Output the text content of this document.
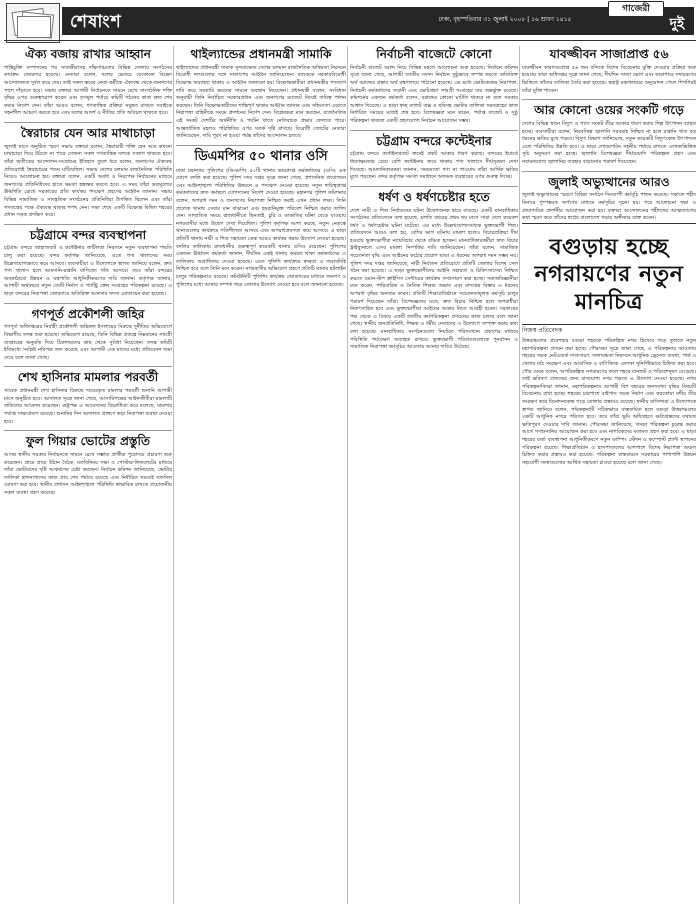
শেষাংশ	ঢাকা, বৃহস্পতিবার ৩১ জুলাই ২০০৮ | ১৬ শ্রাবণ ১৪১৫
গাজেরী
দুই
ঐক্য বজায় রাখার আহ্বান
শান্তিচুক্তি সম্পাদনের পর সাতক্ষীরাসহ দক্ষিণাঞ্চলের বিভিন্ন জেলায় সংগঠনের কার্যক্রম জোরদার হয়েছে। নেতারা বলেন, দলের ভেতরে যেকোনো বিভেদ আন্দোলনকে দুর্বল করে দেয়। তাই সকল স্তরের নেতা-কর্মীকে ঐক্যবদ্ধ থেকে জনগণের পাশে দাঁড়াতে হবে। সভায় বক্তারা আগামী নির্বাচনকে সামনে রেখে সাংগঠনিক শক্তি বৃদ্ধির ওপর গুরুত্বারোপ করেন এবং তৃণমূল পর্যায়ে কমিটি গঠনের কাজ দ্রুত শেষ করার নির্দেশ দেন। তাঁরা আরও বলেন, গণতান্ত্রিক প্রক্রিয়া সমুন্নত রাখতে সবাইকে সহনশীল আচরণ করতে হবে এবং দলের আদর্শ ও নীতির প্রতি অবিচল থাকতে হবে।
স্বৈরাচার যেন আর মাথাচাড়া
জুলাই মাসে অনুষ্ঠিত স্মরণ সভায় বক্তারা বলেন, স্বৈরাচারী শক্তি যেন আর কখনো মাথাচাড়া দিয়ে উঠতে না পারে সেজন্য সকল গণতান্ত্রিক দলকে সজাগ থাকতে হবে। তাঁরা অতীতের আন্দোলন-সংগ্রামের ইতিহাস তুলে ধরে বলেন, জনগণের ঐক্যবদ্ধ প্রতিরোধই স্বৈরাচারের পতন ঘটিয়েছিল। সভায় দেশের চলমান রাজনৈতিক পরিস্থিতি নিয়েও আলোচনা হয়। বক্তারা বলেন, একটি অবাধ ও নিরপেক্ষ নির্বাচনের মাধ্যমে জনগণের প্রতিনিধিদের হাতে ক্ষমতা হস্তান্তর করতে হবে। এ সময় তাঁরা দ্রব্যমূল্যের ঊর্ধ্বগতি রোধে সরকারের প্রতি কার্যকর পদক্ষেপ গ্রহণের আহ্বান জানান। সভায় বিভিন্ন সামাজিক ও সাংস্কৃতিক সংগঠনের প্রতিনিধিরা উপস্থিত ছিলেন এবং তাঁরা গণতন্ত্রের পক্ষে ঐক্যবদ্ধ থাকার শপথ নেন। সভা শেষে একটি বিক্ষোভ মিছিল শহরের প্রধান সড়ক প্রদক্ষিণ করে।
চট্টগ্রামে বন্দর ব্যবস্থাপনা
চট্টগ্রাম বন্দরে জাহাজজট ও কন্টেইনার জটিলতা নিরসনে নতুন ব্যবস্থাপনা পদ্ধতি চালু করা হয়েছে। বন্দর কর্তৃপক্ষ জানিয়েছে, এতে পণ্য খালাসের সময় উল্লেখযোগ্যভাবে কমে আসবে। ব্যবসায়ীরা এ উদ্যোগকে স্বাগত জানিয়ে বলেন, দ্রুত পণ্য খালাস হলে আমদানি-রপ্তানি বাণিজ্যে গতি আসবে। তবে তাঁরা বন্দরের অবকাঠামো উন্নয়ন ও যন্ত্রপাতি আধুনিকীকরণের দাবি জানান। কর্তৃপক্ষ জানায়, আগামী অর্থবছরে নতুন জেটি নির্মাণ ও গ্যান্ট্রি ক্রেন সংগ্রহের পরিকল্পনা রয়েছে। এ ছাড়া বন্দরের নিরাপত্তা জোরদারে অতিরিক্ত আনসার সদস্য মোতায়েন করা হয়েছে।
গণপূর্ত প্রকৌশলী জহির
গণপূর্ত অধিদপ্তরের নির্বাহী প্রকৌশলী জহিরুল ইসলামের বিরুদ্ধে দুর্নীতির অভিযোগে বিভাগীয় তদন্ত শুরু হয়েছে। অভিযোগ রয়েছে, তিনি বিভিন্ন প্রকল্পে নিম্নমানের সামগ্রী ব্যবহারের অনুমতি দিয়ে ঠিকাদারদের কাছ থেকে সুবিধা নিয়েছেন। তদন্ত কমিটি ইতিমধ্যে সংশ্লিষ্ট নথিপত্র জব্দ করেছে এবং আগামী এক মাসের মধ্যে প্রতিবেদন জমা দেবে বলে জানা গেছে।
শেখ হাসিনার মামলার পরবর্তী
সাবেক প্রধানমন্ত্রী শেখ হাসিনার বিরুদ্ধে দায়েরকৃত মামলার পরবর্তী শুনানি আগামী মাসে অনুষ্ঠিত হবে। আদালত সূত্রে জানা গেছে, আসামিপক্ষের আইনজীবীরা মামলাটি বাতিলের আবেদন করেছেন। রাষ্ট্রপক্ষ এ আবেদনের বিরোধিতা করে বলেছে, মামলার পর্যাপ্ত সাক্ষ্যপ্রমাণ রয়েছে। শুনানির দিন আদালত প্রাঙ্গণে কড়া নিরাপত্তা ব্যবস্থা নেওয়া হবে।
ফুল গিয়ার ভোটের প্রস্তুতি
আসন্ন স্থানীয় সরকার নির্বাচনকে সামনে রেখে সম্ভাব্য প্রার্থীরা পুরোদমে প্রচারণা শুরু করেছেন। গ্রামে গ্রামে উঠান বৈঠক, মতবিনিময় সভা ও পোস্টার-লিফলেটের মাধ্যমে তাঁরা ভোটারদের দৃষ্টি আকর্ষণের চেষ্টা করছেন। নির্বাচন কমিশন জানিয়েছে, ভোটার তালিকা হালনাগাদের কাজ প্রায় শেষ পর্যায়ে রয়েছে এবং নির্ধারিত সময়েই তফসিল ঘোষণা করা হবে। স্থানীয় প্রশাসন আইনশৃঙ্খলা পরিস্থিতি স্বাভাবিক রাখতে প্রয়োজনীয় সকল ব্যবস্থা গ্রহণ করেছে।
থাইল্যান্ডের প্রধানমন্ত্রী সামাকি
থাইল্যান্ডের প্রধানমন্ত্রী সামাক সুন্দরাভেজ দেশের চলমান রাজনৈতিক অস্থিরতা নিরসনে বিরোধী দলগুলোর সঙ্গে সংলাপের আহ্বান জানিয়েছেন। ব্যাংককে সরকারবিরোধী বিক্ষোভ অব্যাহত থাকায় এ আহ্বান জানানো হয়। বিক্ষোভকারীরা প্রধানমন্ত্রীর পদত্যাগ দাবি করে সরকারি ভবনের সামনে অবস্থান নিয়েছেন। প্রধানমন্ত্রী বলেন, সংবিধান অনুযায়ী তিনি নির্বাচিত সরকারপ্রধান এবং জনগণের ম্যান্ডেট নিয়েই দায়িত্ব পালন করছেন। তিনি বিক্ষোভকারীদের শান্তিপূর্ণ থাকার আহ্বান জানান এবং সহিংসতা এড়াতে নিরাপত্তা বাহিনীকে সংযম প্রদর্শনের নির্দেশ দেন। বিশ্লেষকরা মনে করছেন, রাজনৈতিক এই সংকট দেশটির অর্থনীতি ও পর্যটন খাতে নেতিবাচক প্রভাব ফেলতে পারে। আন্তর্জাতিক মহলও পরিস্থিতির ওপর সতর্ক দৃষ্টি রাখছে। বিরোধী জোটের নেতারা জানিয়েছেন, দাবি পূরণ না হওয়া পর্যন্ত তাঁদের আন্দোলন চলবে।
ডিএমপির ৫০ থানার ওসি
ঢাকা মহানগর পুলিশের (ডিএমপি) ৫০টি থানার ভারপ্রাপ্ত কর্মকর্তাদের (ওসি) এক যোগে বদলি করা হয়েছে। পুলিশ সদর দপ্তর সূত্রে জানা গেছে, প্রশাসনিক প্রয়োজনে এবং আইনশৃঙ্খলা পরিস্থিতির উন্নয়নে এ পদক্ষেপ নেওয়া হয়েছে। নতুন দায়িত্বপ্রাপ্ত কর্মকর্তাদের দ্রুত কর্মস্থলে যোগদানের নির্দেশ দেওয়া হয়েছে। মহানগর পুলিশ কমিশনার বলেন, অপরাধ দমন ও জনগণের নিরাপত্তা নিশ্চিত করাই এখন প্রধান লক্ষ্য। তিনি প্রত্যেক থানায় সেবার মান বাড়ানো এবং হয়রানিমুক্ত পরিবেশ নিশ্চিত করার তাগিদ দেন। সাম্প্রতিক সময়ে রাজধানীতে ছিনতাই, চুরি ও ডাকাতির ঘটনা বেড়ে যাওয়ায় নগরবাসীর মধ্যে উদ্বেগ দেখা দিয়েছিল। পুলিশ কর্তৃপক্ষ আশা করছে, নতুন নেতৃত্বে থানাগুলোর কার্যক্রমে গতিশীলতা আসবে এবং অপরাধপ্রবণতা কমে আসবে। এ ছাড়া প্রতিটি থানায় নারী ও শিশু সহায়তা ডেস্ক আরও কার্যকর করার উদ্যোগ নেওয়া হয়েছে। বদলির তালিকায় রাজধানীর গুরুত্বপূর্ণ কয়েকটি থানার ওসিও রয়েছেন। পুলিশের একজন ঊর্ধ্বতন কর্মকর্তা জানান, দীর্ঘদিন একই থানায় কর্মরত থাকা কর্মকর্তাদের এ তালিকায় অগ্রাধিকার দেওয়া হয়েছে। এতে পুলিশি কার্যক্রমে স্বচ্ছতা ও জবাবদিহি নিশ্চিত হবে বলে তিনি মনে করেন। নগরবাসীর অভিযোগ গ্রহণে প্রতিটি থানায় হটলাইন চালুর পরিকল্পনাও রয়েছে। কমিউনিটি পুলিশিং কার্যক্রম জোরদারের মাধ্যমে জনগণ ও পুলিশের মধ্যে আস্থার সম্পর্ক গড়ে তোলার উদ্যোগ নেওয়া হবে বলে জানানো হয়েছে।
নির্বাচনী বাজেটে কোনো
নির্বাচনী বাজেট বরাদ্দ নিয়ে বিভিন্ন মহলে আলোচনা শুরু হয়েছে। নির্বাচন কমিশন সূত্রে জানা গেছে, আগামী জাতীয় সংসদ নির্বাচন সুষ্ঠুভাবে সম্পন্ন করতে অতিরিক্ত অর্থ বরাদ্দের প্রস্তাব অর্থ মন্ত্রণালয়ে পাঠানো হয়েছে। এর মধ্যে ভোটকেন্দ্রের নিরাপত্তা, নির্বাচনী কর্মকর্তাদের সম্মানী এবং ভোটগ্রহণ সামগ্রী সংগ্রহের ব্যয় অন্তর্ভুক্ত রয়েছে। কমিশনের একজন কর্মকর্তা বলেন, বরাদ্দের কোনো ঘাটতি থাকবে না বলে সরকার আশ্বাস দিয়েছে। এ ছাড়া স্বচ্ছ ব্যালট বাক্স ও ছবিসহ ভোটার তালিকা সরবরাহের কাজ নির্ধারিত সময়ের মধ্যেই শেষ হবে। বিশেষজ্ঞরা মনে করেন, পর্যাপ্ত বাজেট ও সুষ্ঠু পরিকল্পনা থাকলে একটি গ্রহণযোগ্য নির্বাচন আয়োজন সম্ভব।
চট্টগ্রাম বন্দরে কন্টেইনার
চট্টগ্রাম বন্দরে কন্টেইনারজট ক্রমেই প্রকট আকার ধারণ করছে। বন্দরের ইয়ার্ডে ধারণক্ষমতার চেয়ে বেশি কন্টেইনার জমে থাকায় পণ্য খালাসে দীর্ঘসূত্রতা দেখা দিয়েছে। আমদানিকারকরা জানান, সময়মতো পণ্য না পাওয়ায় তাঁরা আর্থিক ক্ষতির মুখে পড়ছেন। বন্দর কর্তৃপক্ষ সমস্যা সমাধানে অফডক ব্যবহারের ওপর গুরুত্ব দিচ্ছে।
ধর্ষণ ও ধর্ষণচেষ্টার হতে
দেশে নারী ও শিশু নির্যাতনের ঘটনা উদ্বেগজনক হারে বাড়ছে। একটি মানবাধিকার সংগঠনের প্রতিবেদনে বলা হয়েছে, চলতি বছরের প্রথম ছয় মাসে সারা দেশে কয়েকশ ধর্ষণ ও ধর্ষণচেষ্টার ঘটনা ঘটেছে। এর মধ্যে উল্লেখযোগ্যসংখ্যক ভুক্তভোগী শিশু। প্রতিবেদনে আরও বলা হয়, বেশির ভাগ ঘটনায় মামলা হলেও বিচারপ্রক্রিয়া দীর্ঘ হওয়ায় ভুক্তভোগীরা ন্যায়বিচার থেকে বঞ্চিত হচ্ছেন। মানবাধিকারকর্মীরা দ্রুত বিচার ট্রাইব্যুনালে এসব মামলা নিষ্পত্তির দাবি জানিয়েছেন। তাঁরা বলেন, সামাজিক সচেতনতা বৃদ্ধি এবং আইনের কঠোর প্রয়োগ ছাড়া এ ধরনের অপরাধ দমন সম্ভব নয়। পুলিশ সদর দপ্তর জানিয়েছে, নারী নির্যাতন প্রতিরোধে প্রতিটি জেলায় বিশেষ সেল গঠন করা হয়েছে। এ ছাড়া ভুক্তভোগীদের আইনি সহায়তা ও চিকিৎসাসেবা নিশ্চিত করতে ওয়ান-স্টপ ক্রাইসিস সেন্টারের কার্যক্রম সম্প্রসারণ করা হচ্ছে। সমাজবিজ্ঞানীরা মনে করেন, পারিবারিক ও নৈতিক শিক্ষার অভাব এবং মাদকের বিস্তার এ ধরনের অপরাধ বৃদ্ধির অন্যতম কারণ। প্রতিটি শিক্ষাপ্রতিষ্ঠানে সচেতনতামূলক কর্মসূচি চালুর পরামর্শ দিয়েছেন তাঁরা। বিশেষজ্ঞদের মতে, দ্রুত বিচার নিশ্চিত হলে অপরাধীরা নিরুৎসাহিত হবে এবং ভুক্তভোগীরা আইনের আশ্রয় নিতে আগ্রহী হবেন। সরকারের পক্ষ থেকে এ বিষয়ে একটি জাতীয় কর্মপরিকল্পনা প্রণয়নের কাজ চলছে বলে জানা গেছে। স্থানীয় জনপ্রতিনিধি, শিক্ষক ও ধর্মীয় নেতাদের এ উদ্যোগে সম্পৃক্ত করার কথা বলা হয়েছে। মানবাধিকার সংগঠনগুলো নিয়মিত পরিসংখ্যান প্রকাশের মাধ্যমে পরিস্থিতি পর্যবেক্ষণ অব্যাহত রাখবে। ভুক্তভোগী পরিবারগুলোকে পুনর্বাসন ও সামাজিক নিরাপত্তা কর্মসূচির আওতায় আনার দাবিও উঠেছে।
যাবজ্জীবন সাজাপ্রাপ্ত ৫৬
যাবজ্জীবন কারাদণ্ডপ্রাপ্ত ৫৬ জন বন্দিকে বিশেষ বিবেচনায় মুক্তি দেওয়ার প্রক্রিয়া শুরু হয়েছে। কারা অধিদপ্তর সূত্রে জানা গেছে, দীর্ঘদিন সাজা ভোগ এবং কারাগারে সদাচরণের ভিত্তিতে তাঁদের তালিকা তৈরি করা হয়েছে। স্বরাষ্ট্র মন্ত্রণালয়ের অনুমোদন পেলে শিগগিরই তাঁরা মুক্তি পাবেন।
আর কোনো ওয়ের সংকটি গড়ে
দেশের বিভিন্ন স্থানে বিদ্যুৎ ও গ্যাস সংকট তীব্র আকার ধারণ করায় শিল্প উৎপাদন ব্যাহত হচ্ছে। ব্যবসায়ীরা বলেন, নিরবচ্ছিন্ন জ্বালানি সরবরাহ নিশ্চিত না হলে রপ্তানি খাত বড় ধরনের ক্ষতির মুখে পড়বে। বিদ্যুৎ বিভাগ জানিয়েছে, নতুন কয়েকটি বিদ্যুৎকেন্দ্র উৎপাদনে এলে পরিস্থিতির উন্নতি হবে। এ ছাড়া লোডশেডিং সহনীয় পর্যায়ে রাখতে এলাকাভিত্তিক সূচি অনুসরণ করা হচ্ছে। জ্বালানি বিশেষজ্ঞরা দীর্ঘমেয়াদি পরিকল্পনা গ্রহণ এবং নবায়নযোগ্য জ্বালানির ব্যবহার বাড়ানোর পরামর্শ দিয়েছেন।
জুলাই অভ্যুত্থানের আরও
জুলাই অভ্যুত্থানের স্মরণে বিভিন্ন সংগঠন দিনব্যাপী কর্মসূচি পালন করেছে। সকালে শহীদ মিনারে পুষ্পস্তবক অর্পণের মাধ্যমে কর্মসূচির সূচনা হয়। পরে আলোচনা সভা ও প্রামাণ্যচিত্র প্রদর্শনীর আয়োজন করা হয়। বক্তারা আন্দোলনের শহীদদের আত্মত্যাগের কথা স্মরণ করে তাঁদের স্বপ্নের বাংলাদেশ গড়ার অঙ্গীকার ব্যক্ত করেন।
বগুড়ায় হচ্ছে নগরায়ণের নতুন মানচিত্র
নিজস্ব প্রতিবেদক
উত্তরাঞ্চলের প্রবেশদ্বার বগুড়া শহরকে পরিকল্পিত নগর হিসেবে গড়ে তুলতে নতুন মহাপরিকল্পনা প্রণয়ন করা হচ্ছে। পৌরসভা সূত্রে জানা গেছে, এ পরিকল্পনার আওতায় শহরের সড়ক নেটওয়ার্ক সম্প্রসারণ, জলাবদ্ধতা নিরসনে আধুনিক ড্রেনেজ ব্যবস্থা, পার্ক ও খেলার মাঠ সংরক্ষণ এবং আবাসিক ও বাণিজ্যিক এলাকা সুনির্দিষ্টভাবে চিহ্নিত করা হবে। পৌর মেয়র বলেন, অপরিকল্পিত নগরায়ণের ফলে শহরে যানজট ও পরিবেশদূষণ বেড়েছে। তাই ভবিষ্যৎ প্রজন্মের জন্য বাসযোগ্য নগর গড়তে এ উদ্যোগ নেওয়া হয়েছে। নগর পরিকল্পনাবিদরা জানান, মহাপরিকল্পনায় আগামী বিশ বছরের জনসংখ্যা বৃদ্ধির বিষয়টি বিবেচনায় রাখা হচ্ছে। শহরের চারপাশে বাইপাস সড়ক নির্মাণ এবং করতোয়া নদীর তীর সংরক্ষণ করে বিনোদনকেন্দ্র গড়ে তোলার প্রস্তাবও রয়েছে। স্থানীয় বাসিন্দারা এ উদ্যোগকে স্বাগত জানিয়ে বলেন, পরিকল্পনাটি সঠিকভাবে বাস্তবায়িত হলে বগুড়া উত্তরাঞ্চলের একটি আধুনিক নগরে পরিণত হবে। তবে তাঁরা ভূমি অধিগ্রহণে ক্ষতিগ্রস্তদের যথাযথ ক্ষতিপূরণ দেওয়ার দাবি জানান। পৌরসভা জানিয়েছে, খসড়া পরিকল্পনা চূড়ান্ত করার আগে গণশুনানির আয়োজন করা হবে এবং নাগরিকদের মতামত গ্রহণ করা হবে। এ ছাড়া শহরের বর্জ্য ব্যবস্থাপনা আধুনিকীকরণে নতুন ডাম্পিং স্টেশন ও কম্পোস্ট প্ল্যান্ট স্থাপনের পরিকল্পনা রয়েছে। শিক্ষাপ্রতিষ্ঠান ও হাসপাতালের আশপাশে বিশেষ নিরাপত্তা অঞ্চল চিহ্নিত করার প্রস্তাবও করা হয়েছে। পরিকল্পনা বাস্তবায়নে সরকারের পাশাপাশি উন্নয়ন সহযোগী সংস্থাগুলোর আর্থিক সহায়তা চাওয়া হয়েছে বলে জানা গেছে।
